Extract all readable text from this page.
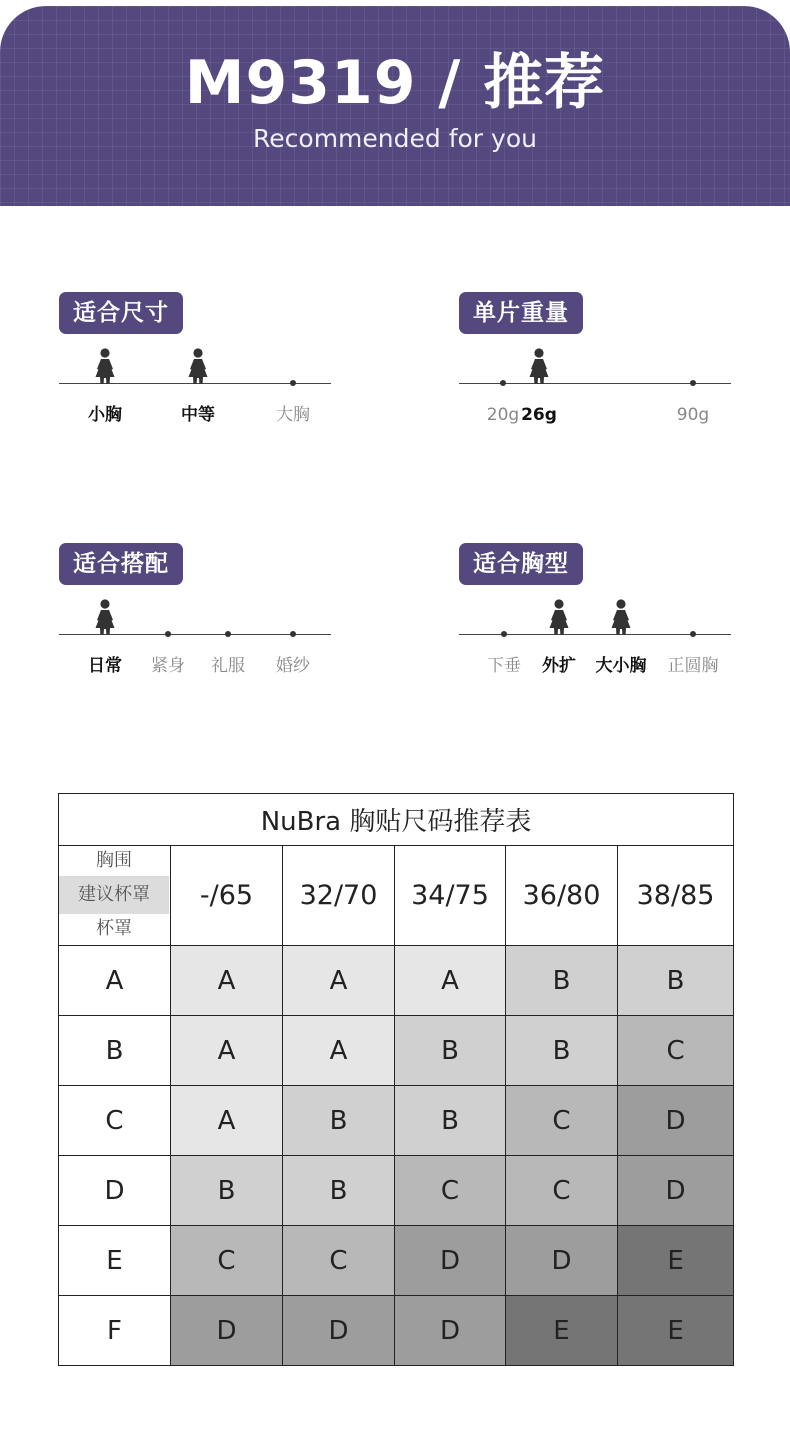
M9319 / 推荐
Recommended for you
适合尺寸
小胸	中等	大胸
单片重量
20g 26g	90g
适合搭配
日常	紧身	礼服	婚纱
适合胸型
下垂	外扩	大小胸	正圆胸
NuBra 胸贴尺码推荐表					

胸围
建议杯罩
杯罩	-/65	32/70	34/75	36/80	38/85
A	A	A	A	B	B
B	A	A	B	B	C
C	A	B	B	C	D
D	B	B	C	C	D
E	C	C	D	D	E
F	D	D	D	E	E
